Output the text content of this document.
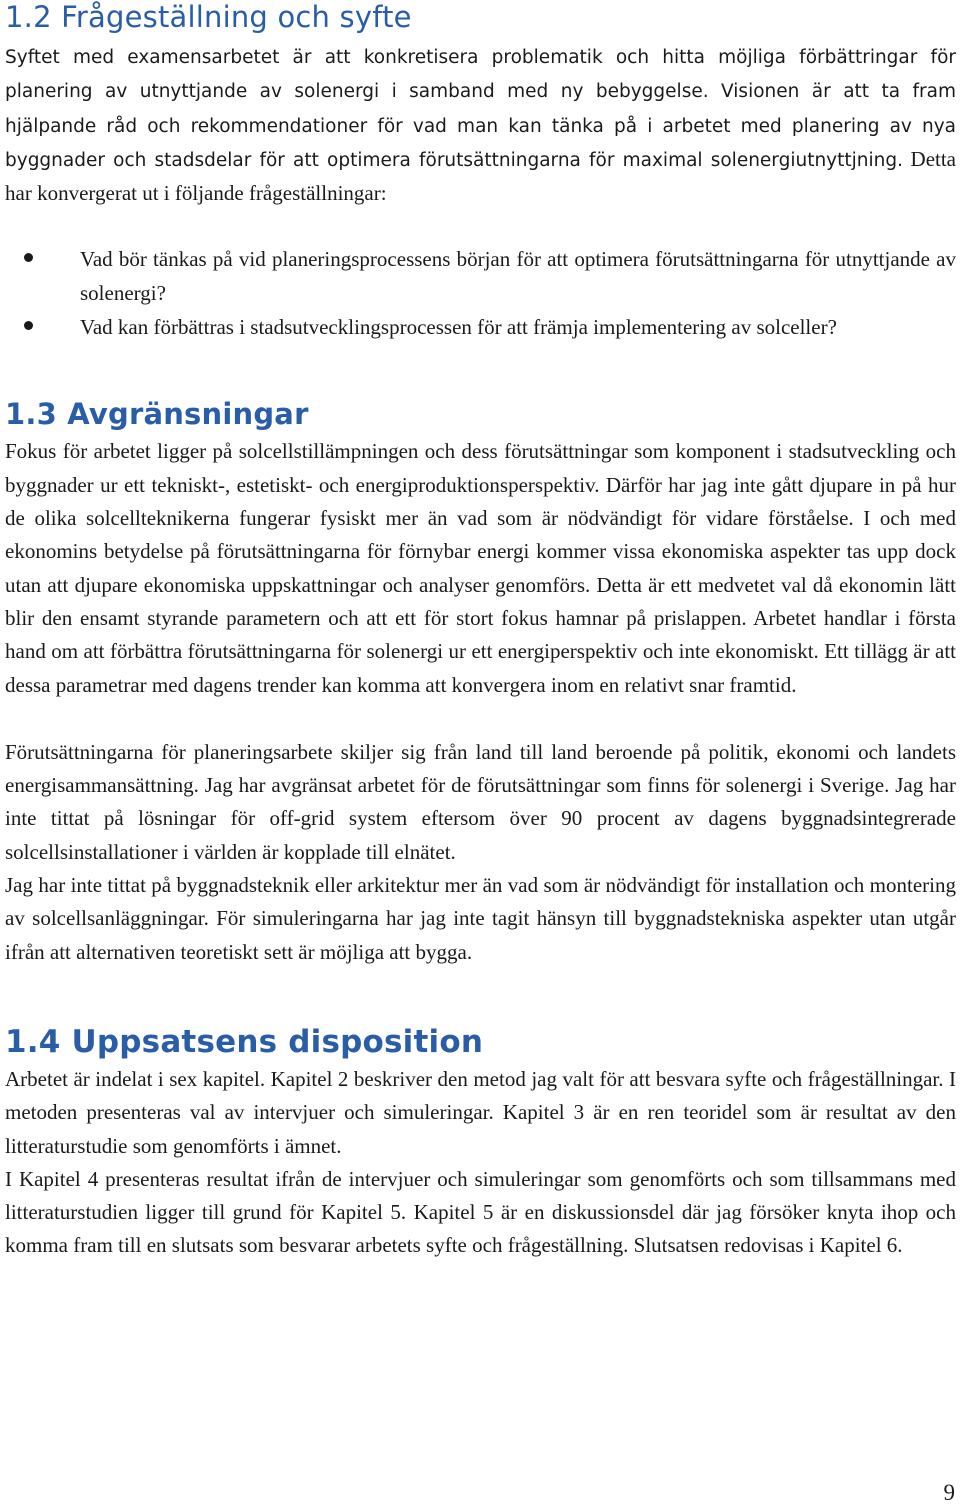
1.2 Frågeställning och syfte

Syftet med examensarbetet är att konkretisera problematik och hitta möjliga förbättringar för planering av utnyttjande av solenergi i samband med ny bebyggelse. Visionen är att ta fram hjälpande råd och rekommendationer för vad man kan tänka på i arbetet med planering av nya byggnader och stadsdelar för att optimera förutsättningarna för maximal solenergiutnyttjning. Detta har konvergerat ut i följande frågeställningar:

Vad bör tänkas på vid planeringsprocessens början för att optimera förutsättningarna för utnyttjande av solenergi?
Vad kan förbättras i stadsutvecklingsprocessen för att främja implementering av solceller?
1.3 Avgränsningar

Fokus för arbetet ligger på solcellstillämpningen och dess förutsättningar som komponent i stadsutveckling och byggnader ur ett tekniskt-, estetiskt- och energiproduktionsperspektiv. Därför har jag inte gått djupare in på hur de olika solcellteknikerna fungerar fysiskt mer än vad som är nödvändigt för vidare förståelse. I och med ekonomins betydelse på förutsättningarna för förnybar energi kommer vissa ekonomiska aspekter tas upp dock utan att djupare ekonomiska uppskattningar och analyser genomförs. Detta är ett medvetet val då ekonomin lätt blir den ensamt styrande parametern och att ett för stort fokus hamnar på prislappen. Arbetet handlar i första hand om att förbättra förutsättningarna för solenergi ur ett energiperspektiv och inte ekonomiskt. Ett tillägg är att dessa parametrar med dagens trender kan komma att konvergera inom en relativt snar framtid.

Förutsättningarna för planeringsarbete skiljer sig från land till land beroende på politik, ekonomi och landets energisammansättning. Jag har avgränsat arbetet för de förutsättningar som finns för solenergi i Sverige. Jag har inte tittat på lösningar för off-grid system eftersom över 90 procent av dagens byggnadsintegrerade solcellsinstallationer i världen är kopplade till elnätet.

Jag har inte tittat på byggnadsteknik eller arkitektur mer än vad som är nödvändigt för installation och montering av solcellsanläggningar. För simuleringarna har jag inte tagit hänsyn till byggnadstekniska aspekter utan utgår ifrån att alternativen teoretiskt sett är möjliga att bygga.

1.4 Uppsatsens disposition

Arbetet är indelat i sex kapitel. Kapitel 2 beskriver den metod jag valt för att besvara syfte och frågeställningar. I metoden presenteras val av intervjuer och simuleringar. Kapitel 3 är en ren teoridel som är resultat av den litteraturstudie som genomförts i ämnet.

I Kapitel 4 presenteras resultat ifrån de intervjuer och simuleringar som genomförts och som tillsammans med litteraturstudien ligger till grund för Kapitel 5. Kapitel 5 är en diskussionsdel där jag försöker knyta ihop och komma fram till en slutsats som besvarar arbetets syfte och frågeställning. Slutsatsen redovisas i Kapitel 6.

9
